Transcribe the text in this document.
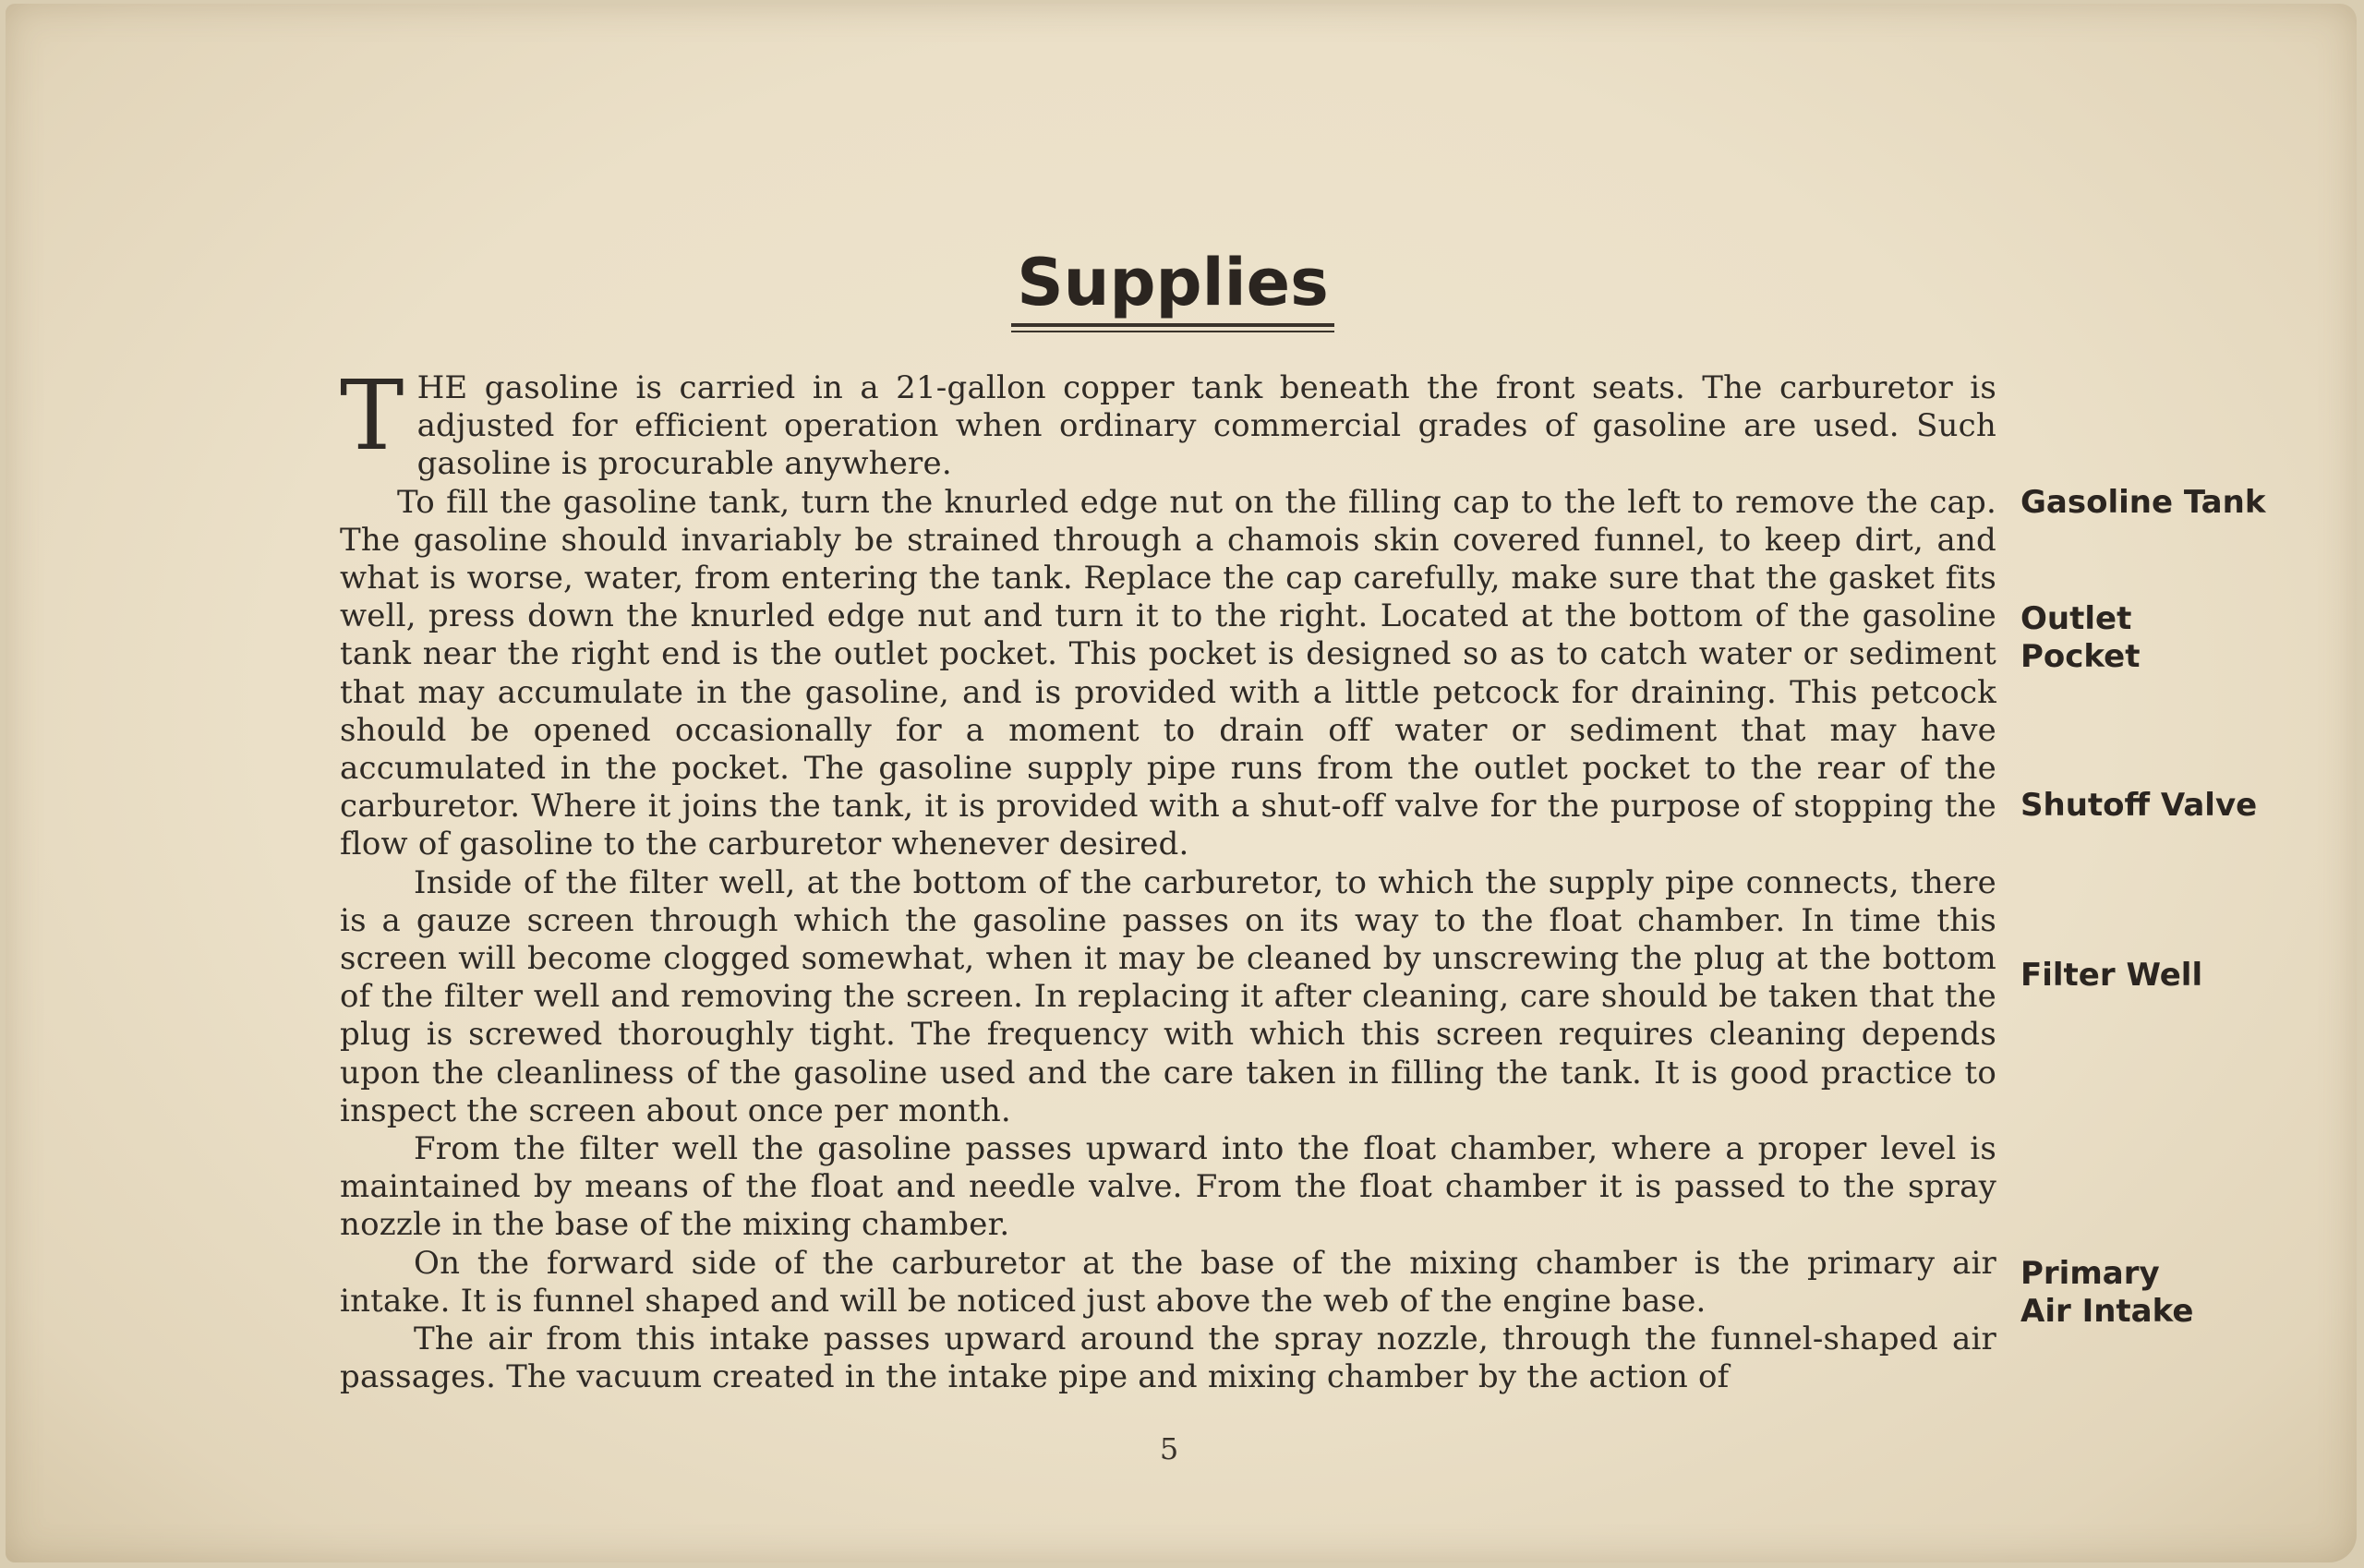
Supplies

THE gasoline is carried in a 21-gallon copper tank beneath the front seats. The carburetor is adjusted for efficient operation when ordinary commercial grades of gasoline are used. Such gasoline is procurable anywhere.

To fill the gasoline tank, turn the knurled edge nut on the filling cap to the left to remove the cap. The gasoline should invariably be strained through a chamois skin covered funnel, to keep dirt, and what is worse, water, from entering the tank. Replace the cap carefully, make sure that the gasket fits well, press down the knurled edge nut and turn it to the right. Located at the bottom of the gasoline tank near the right end is the outlet pocket. This pocket is designed so as to catch water or sediment that may accumulate in the gasoline, and is provided with a little petcock for draining. This petcock should be opened occasionally for a moment to drain off water or sediment that may have accumulated in the pocket. The gasoline supply pipe runs from the outlet pocket to the rear of the carburetor. Where it joins the tank, it is provided with a shut-off valve for the purpose of stopping the flow of gasoline to the carburetor whenever desired.

Inside of the filter well, at the bottom of the carburetor, to which the supply pipe connects, there is a gauze screen through which the gasoline passes on its way to the float chamber. In time this screen will become clogged somewhat, when it may be cleaned by unscrewing the plug at the bottom of the filter well and removing the screen. In replacing it after cleaning, care should be taken that the plug is screwed thoroughly tight. The frequency with which this screen requires cleaning depends upon the cleanliness of the gasoline used and the care taken in filling the tank. It is good practice to inspect the screen about once per month.

From the filter well the gasoline passes upward into the float chamber, where a proper level is maintained by means of the float and needle valve. From the float chamber it is passed to the spray nozzle in the base of the mixing chamber.

On the forward side of the carburetor at the base of the mixing chamber is the primary air intake. It is funnel shaped and will be noticed just above the web of the engine base.

The air from this intake passes upward around the spray nozzle, through the funnel-shaped air passages. The vacuum created in the intake pipe and mixing chamber by the action of

Gasoline Tank
Outlet
Pocket
Shutoff Valve
Filter Well
Primary
Air Intake
5
